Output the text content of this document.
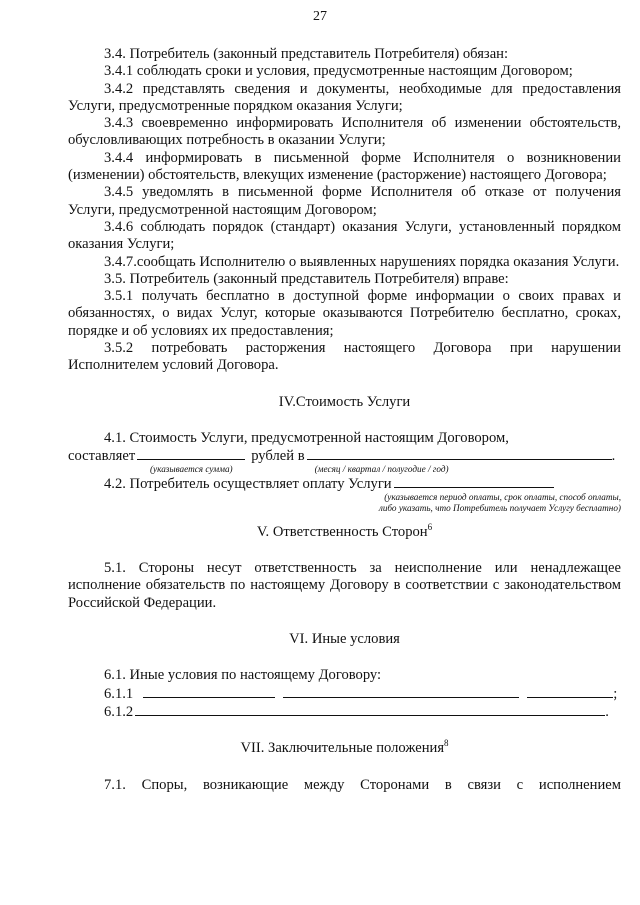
27

3.4. Потребитель (законный представитель Потребителя) обязан:

3.4.1 соблюдать сроки и условия, предусмотренные настоящим Договором;

3.4.2 представлять сведения и документы, необходимые для предоставления Услуги, предусмотренные порядком оказания Услуги;

3.4.3 своевременно информировать Исполнителя об изменении обстоятельств, обусловливающих потребность в оказании Услуги;

3.4.4 информировать в письменной форме Исполнителя о возникновении (изменении) обстоятельств, влекущих изменение (расторжение) настоящего Договора;

3.4.5 уведомлять в письменной форме Исполнителя об отказе от получения Услуги, предусмотренной настоящим Договором;

3.4.6 соблюдать порядок (стандарт) оказания Услуги, установленный порядком оказания Услуги;

3.4.7.сообщать Исполнителю о выявленных нарушениях порядка оказания Услуги.

3.5. Потребитель (законный представитель Потребителя) вправе:

3.5.1 получать бесплатно в доступной форме информации о своих правах и обязанностях, о видах Услуг, которые оказываются Потребителю бесплатно, сроках, порядке и об условиях их предоставления;

3.5.2 потребовать расторжения настоящего Договора при нарушении Исполнителем условий Договора.

IV.Стоимость Услуги

4.1. Стоимость Услуги, предусмотренной настоящим Договором,

составляет	рублей в	.
(указывается сумма)	(месяц / квартал / полугодие / год)
4.2. Потребитель осуществляет оплату Услуги
(указывается период оплаты, срок оплаты, способ оплаты,
либо указать, что Потребитель получает Услугу бесплатно)

V. Ответственность Сторон$^6$

5.1. Стороны несут ответственность за неисполнение или ненадлежащее исполнение обязательств по настоящему Договору в соответствии с законодательством Российской Федерации.

VI. Иные условия

6.1. Иные условия по настоящему Договору:

6.1.1	;
6.1.2	.

VII. Заключительные положения$^8$

7.1. Споры, возникающие между Сторонами в связи с исполнением
